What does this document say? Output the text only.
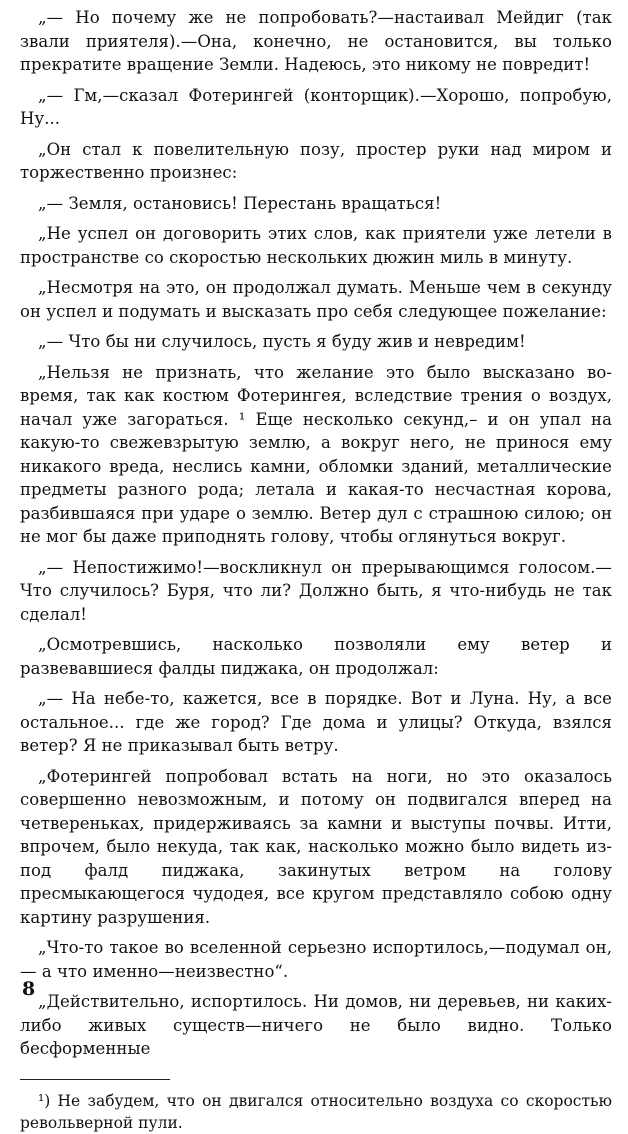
„— Но почему же не попробовать?—настаивал Мейдиг (так звали приятеля).—Она, конечно, не остановится, вы только прекратите вращение Земли. Надеюсь, это никому не повредит!

„— Гм,—сказал Фотерингей (конторщик).—Хорошо, попробую, Ну...

„Он стал к повелительную позу, простер руки над миром и торжественно произнес:

„— Земля, остановись! Перестань вращаться!

„Не успел он договорить этих слов, как приятели уже летели в пространстве со скоростью нескольких дюжин миль в минуту.

„Несмотря на это, он продолжал думать. Меньше чем в секунду он успел и подумать и высказать про себя следующее пожелание:

„— Что бы ни случилось, пусть я буду жив и невредим!

„Нельзя не признать, что желание это было высказано во-время, так как костюм Фотерингея, вследствие трения о воздух, начал уже загораться. ¹ Еще несколько секунд,– и он упал на какую-то свежевзрытую землю, а вокруг него, не принося ему никакого вреда, неслись камни, обломки зданий, металлические предметы разного рода; летала и какая-то несчастная корова, разбившаяся при ударе о землю. Ветер дул с страшною силою; он не мог бы даже приподнять голову, чтобы оглянуться вокруг.

„— Непостижимо!—воскликнул он прерывающимся голосом.—Что случилось? Буря, что ли? Должно быть, я что-нибудь не так сделал!

„Осмотревшись, насколько позволяли ему ветер и развевавшиеся фалды пиджака, он продолжал:

„— На небе-то, кажется, все в порядке. Вот и Луна. Ну, а все остальное... где же город? Где дома и улицы? Откуда, взялся ветер? Я не приказывал быть ветру.

„Фотерингей попробовал встать на ноги, но это оказалось совершенно невозможным, и потому он подвигался вперед на четвереньках, придерживаясь за камни и выступы почвы. Итти, впрочем, было некуда, так как, насколько можно было видеть из-под фалд пиджака, закинутых ветром на голову пресмыкающегося чудодея, все кругом представляло собою одну картину разрушения.

„Что-то такое во вселенной серьезно испортилось,—подумал он,— а что именно—неизвестно“.

„Действительно, испортилось. Ни домов, ни деревьев, ни каких-либо живых существ—ничего не было видно. Только бесформенные

¹) Не забудем, что он двигался относительно воздуха со скоростью револьверной пули.

8
